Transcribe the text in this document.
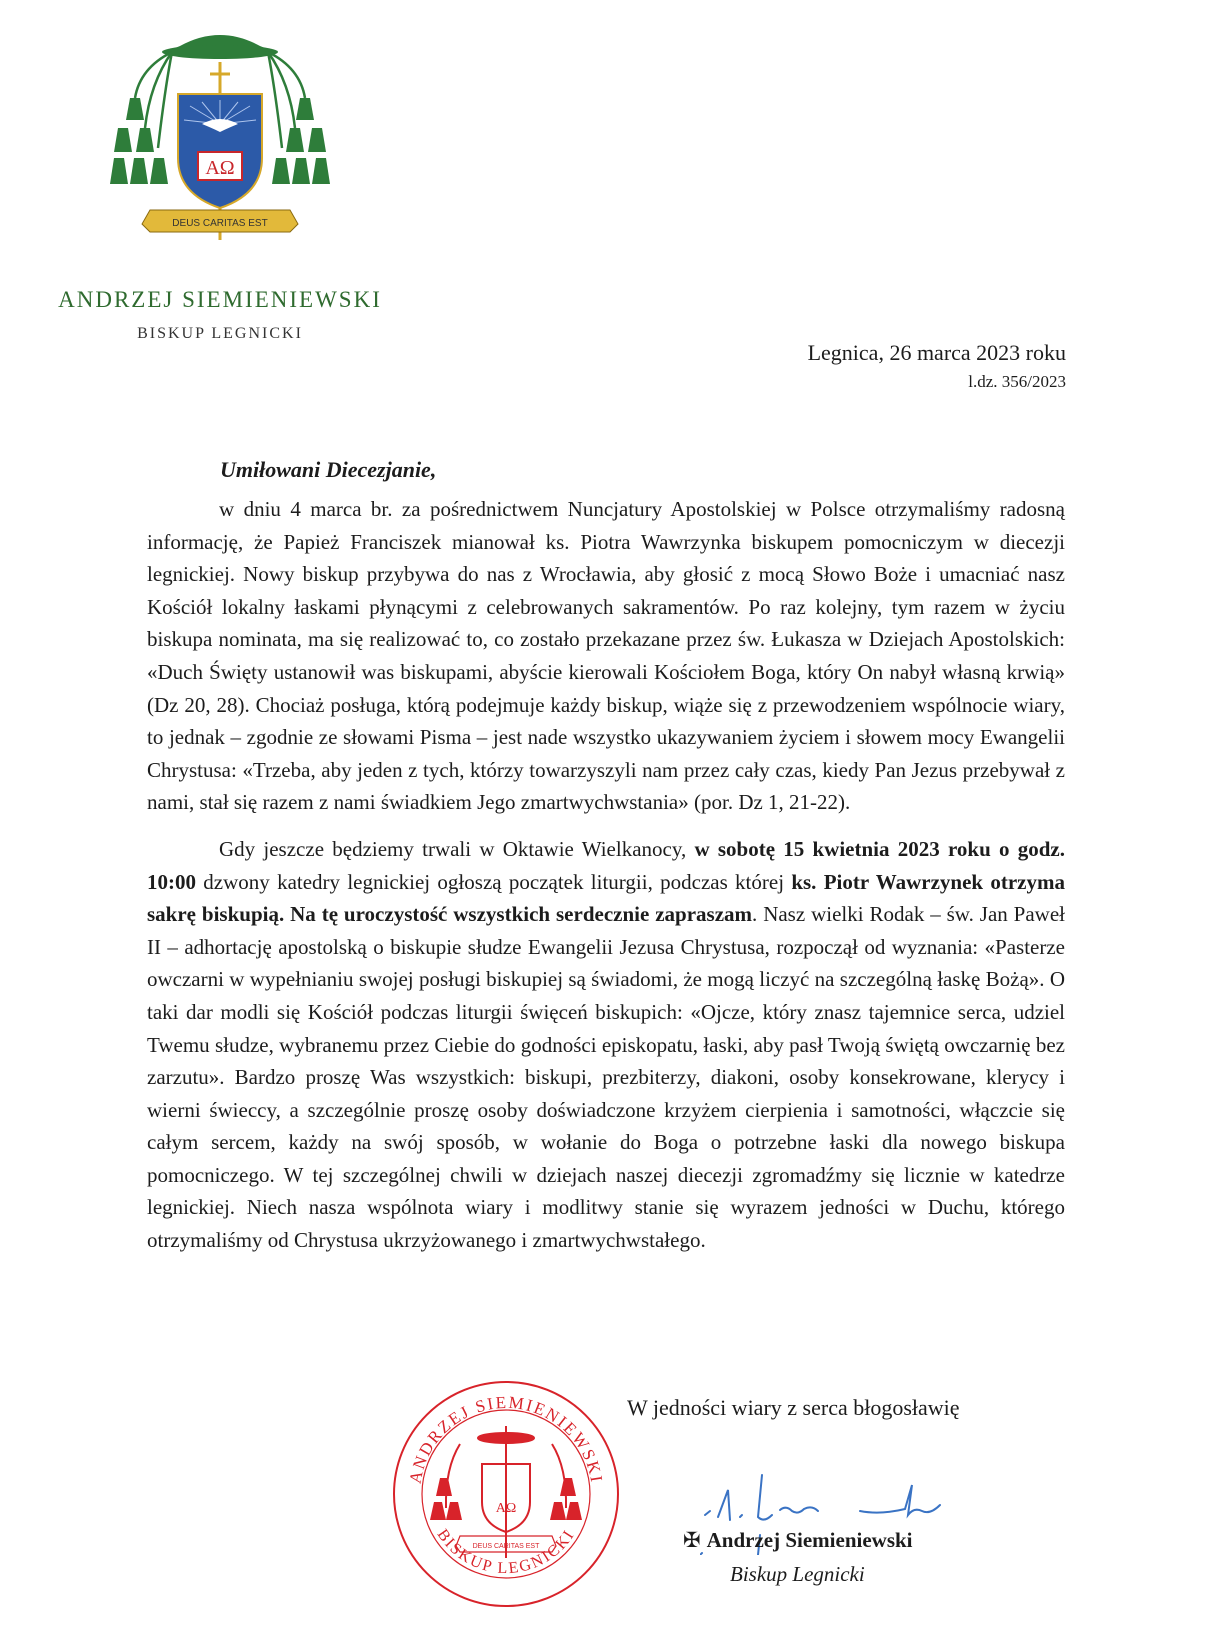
AΩ
DEUS CARITAS EST
ANDRZEJ SIEMIENIEWSKI
BISKUP LEGNICKI
Legnica, 26 marca 2023 roku
l.dz. 356/2023
Umiłowani Diecezjanie,

w dniu 4 marca br. za pośrednictwem Nuncjatury Apostolskiej w Polsce otrzymaliśmy radosną informację, że Papież Franciszek mianował ks. Piotra Wawrzynka biskupem pomocniczym w diecezji legnickiej. Nowy biskup przybywa do nas z Wrocławia, aby głosić z mocą Słowo Boże i umacniać nasz Kościół lokalny łaskami płynącymi z celebrowanych sakramentów. Po raz kolejny, tym razem w życiu biskupa nominata, ma się realizować to, co zostało przekazane przez św. Łukasza w Dziejach Apostolskich: «Duch Święty ustanowił was biskupami, abyście kierowali Kościołem Boga, który On nabył własną krwią» (Dz 20, 28). Chociaż posługa, którą podejmuje każdy biskup, wiąże się z przewodzeniem wspólnocie wiary, to jednak – zgodnie ze słowami Pisma – jest nade wszystko ukazywaniem życiem i słowem mocy Ewangelii Chrystusa: «Trzeba, aby jeden z tych, którzy towarzyszyli nam przez cały czas, kiedy Pan Jezus przebywał z nami, stał się razem z nami świadkiem Jego zmartwychwstania» (por. Dz 1, 21-22).

Gdy jeszcze będziemy trwali w Oktawie Wielkanocy, w sobotę 15 kwietnia 2023 roku o godz. 10:00 dzwony katedry legnickiej ogłoszą początek liturgii, podczas której ks. Piotr Wawrzynek otrzyma sakrę biskupią. Na tę uroczystość wszystkich serdecznie zapraszam. Nasz wielki Rodak – św. Jan Paweł II – adhortację apostolską o biskupie słudze Ewangelii Jezusa Chrystusa, rozpoczął od wyznania: «Pasterze owczarni w wypełnianiu swojej posługi biskupiej są świadomi, że mogą liczyć na szczególną łaskę Bożą». O taki dar modli się Kościół podczas liturgii święceń biskupich: «Ojcze, który znasz tajemnice serca, udziel Twemu słudze, wybranemu przez Ciebie do godności episkopatu, łaski, aby pasł Twoją świętą owczarnię bez zarzutu». Bardzo proszę Was wszystkich: biskupi, prezbiterzy, diakoni, osoby konsekrowane, klerycy i wierni świeccy, a szczególnie proszę osoby doświadczone krzyżem cierpienia i samotności, włączcie się całym sercem, każdy na swój sposób, w wołanie do Boga o potrzebne łaski dla nowego biskupa pomocniczego. W tej szczególnej chwili w dziejach naszej diecezji zgromadźmy się licznie w katedrze legnickiej. Niech nasza wspólnota wiary i modlitwy stanie się wyrazem jedności w Duchu, którego otrzymaliśmy od Chrystusa ukrzyżowanego i zmartwychwstałego.

ANDRZEJ SIEMIENIEWSKI
BISKUP LEGNICKI
AΩ
DEUS CARITAS EST
W jedności wiary z serca błogosławię
✠ Andrzej Siemieniewski
Biskup Legnicki
